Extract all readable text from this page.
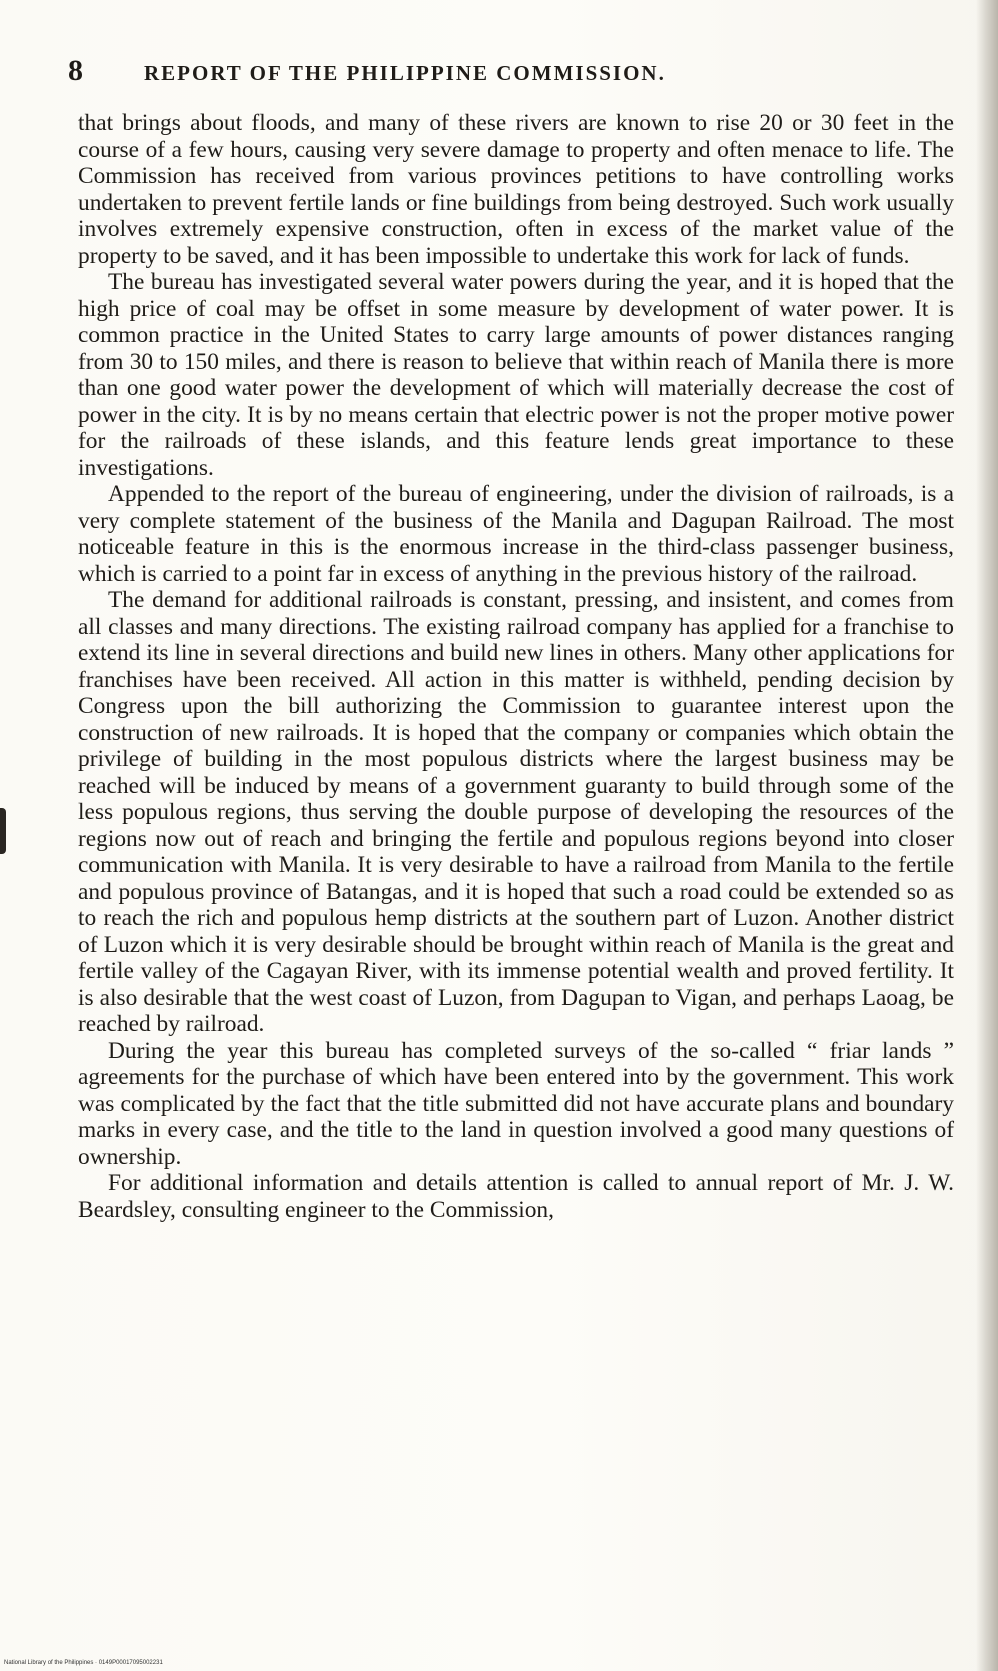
8	REPORT OF THE PHILIPPINE COMMISSION.

that brings about floods, and many of these rivers are known to rise 20 or 30 feet in the course of a few hours, causing very severe damage to property and often menace to life. The Commission has received from various provinces petitions to have controlling works undertaken to prevent fertile lands or fine buildings from being destroyed. Such work usually involves extremely expensive construction, often in excess of the market value of the property to be saved, and it has been impossible to undertake this work for lack of funds.

The bureau has investigated several water powers during the year, and it is hoped that the high price of coal may be offset in some measure by development of water power. It is common practice in the United States to carry large amounts of power distances ranging from 30 to 150 miles, and there is reason to believe that within reach of Manila there is more than one good water power the development of which will materially decrease the cost of power in the city. It is by no means certain that electric power is not the proper motive power for the railroads of these islands, and this feature lends great importance to these investigations.

Appended to the report of the bureau of engineering, under the division of railroads, is a very complete statement of the business of the Manila and Dagupan Railroad. The most noticeable feature in this is the enormous increase in the third-class passenger business, which is carried to a point far in excess of anything in the previous history of the railroad.

The demand for additional railroads is constant, pressing, and insistent, and comes from all classes and many directions. The existing railroad company has applied for a franchise to extend its line in several directions and build new lines in others. Many other applications for franchises have been received. All action in this matter is withheld, pending decision by Congress upon the bill authorizing the Commission to guarantee interest upon the construction of new railroads. It is hoped that the company or companies which obtain the privilege of building in the most populous districts where the largest business may be reached will be induced by means of a government guaranty to build through some of the less populous regions, thus serving the double purpose of developing the resources of the regions now out of reach and bringing the fertile and populous regions beyond into closer communication with Manila. It is very desirable to have a railroad from Manila to the fertile and populous province of Batangas, and it is hoped that such a road could be extended so as to reach the rich and populous hemp districts at the southern part of Luzon. Another district of Luzon which it is very desirable should be brought within reach of Manila is the great and fertile valley of the Cagayan River, with its immense potential wealth and proved fertility. It is also desirable that the west coast of Luzon, from Dagupan to Vigan, and perhaps Laoag, be reached by railroad.

During the year this bureau has completed surveys of the so-called “ friar lands ” agreements for the purchase of which have been entered into by the government. This work was complicated by the fact that the title submitted did not have accurate plans and boundary marks in every case, and the title to the land in question involved a good many questions of ownership.

For additional information and details attention is called to annual report of Mr. J. W. Beardsley, consulting engineer to the Commission,

National Library of the Philippines · 0149P00017095002231
